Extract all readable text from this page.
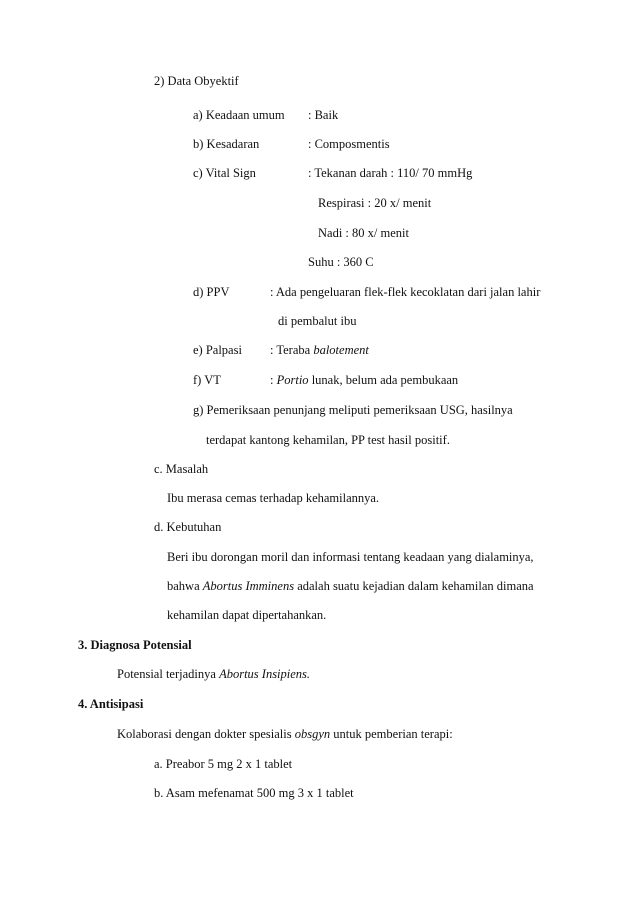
2) Data Obyektif
a) Keadaan umum : Baik
b) Kesadaran	: Composmentis
c) Vital Sign	: Tekanan darah : 110/ 70 mmHg
Respirasi : 20 x/ menit
Nadi : 80 x/ menit
Suhu : 360 C
d) PPV	: Ada pengeluaran flek-flek kecoklatan dari jalan lahir
di pembalut ibu
e) Palpasi : Teraba balotement
f) VT	: Portio lunak, belum ada pembukaan
g) Pemeriksaan penunjang meliputi pemeriksaan USG, hasilnya
terdapat kantong kehamilan, PP test hasil positif.
c. Masalah
Ibu merasa cemas terhadap kehamilannya.
d. Kebutuhan
Beri ibu dorongan moril dan informasi tentang keadaan yang dialaminya,
bahwa Abortus Imminens adalah suatu kejadian dalam kehamilan dimana
kehamilan dapat dipertahankan.
3. Diagnosa Potensial
Potensial terjadinya Abortus Insipiens.
4. Antisipasi
Kolaborasi dengan dokter spesialis obsgyn untuk pemberian terapi:
a. Preabor 5 mg 2 x 1 tablet
b. Asam mefenamat 500 mg 3 x 1 tablet
